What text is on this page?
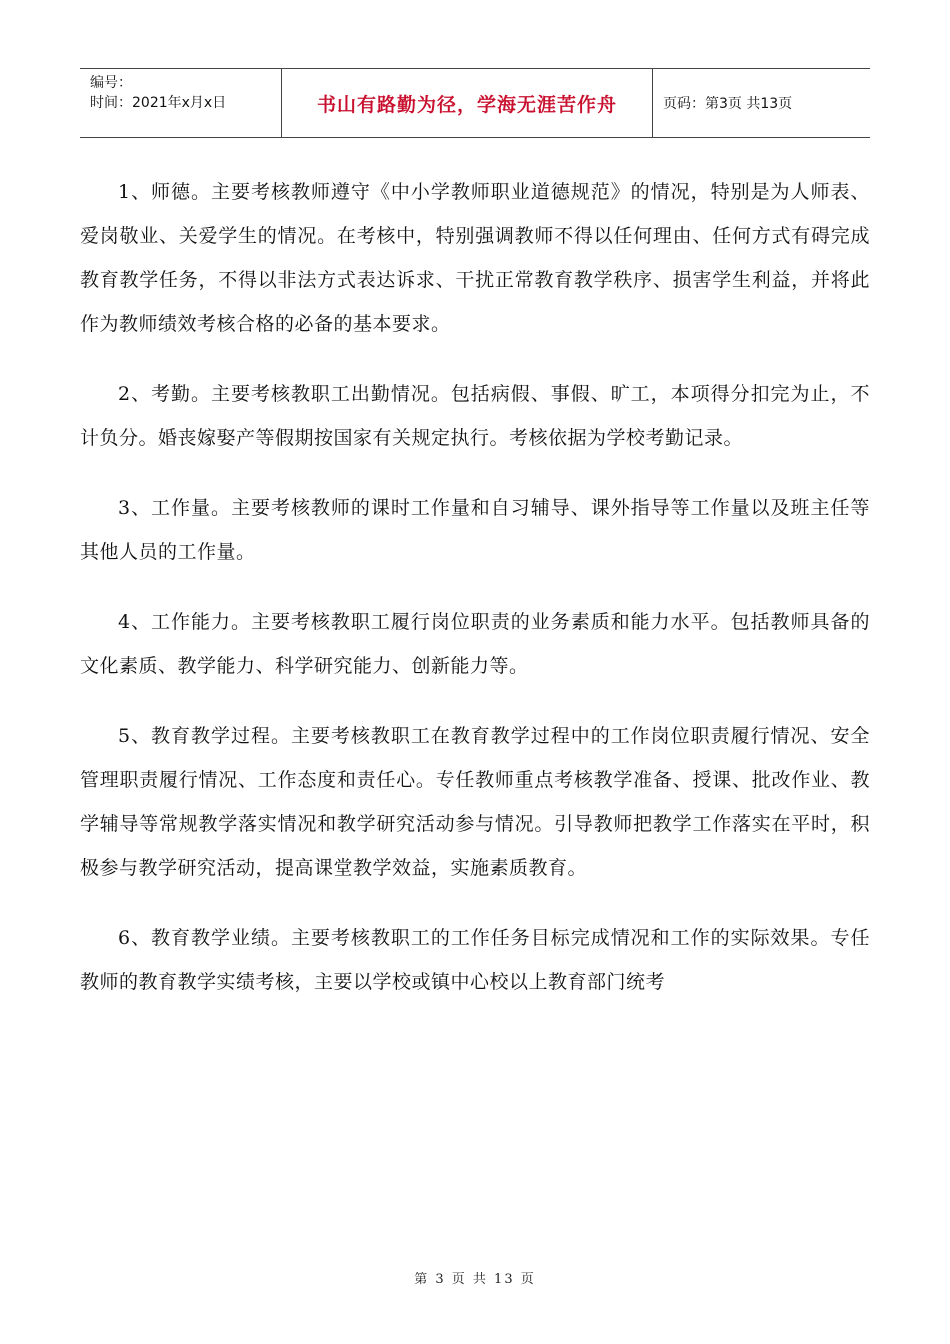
编号：
时间：2021年x月x日	书山有路勤为径，学海无涯苦作舟	页码：第3页 共13页

1、师德。主要考核教师遵守《中小学教师职业道德规范》的情况，特别是为人师表、爱岗敬业、关爱学生的情况。在考核中，特别强调教师不得以任何理由、任何方式有碍完成教育教学任务，不得以非法方式表达诉求、干扰正常教育教学秩序、损害学生利益，并将此作为教师绩效考核合格的必备的基本要求。

2、考勤。主要考核教职工出勤情况。包括病假、事假、旷工，本项得分扣完为止，不计负分。婚丧嫁娶产等假期按国家有关规定执行。考核依据为学校考勤记录。

3、工作量。主要考核教师的课时工作量和自习辅导、课外指导等工作量以及班主任等其他人员的工作量。

4、工作能力。主要考核教职工履行岗位职责的业务素质和能力水平。包括教师具备的文化素质、教学能力、科学研究能力、创新能力等。

5、教育教学过程。主要考核教职工在教育教学过程中的工作岗位职责履行情况、安全管理职责履行情况、工作态度和责任心。专任教师重点考核教学准备、授课、批改作业、教学辅导等常规教学落实情况和教学研究活动参与情况。引导教师把教学工作落实在平时，积极参与教学研究活动，提高课堂教学效益，实施素质教育。

6、教育教学业绩。主要考核教职工的工作任务目标完成情况和工作的实际效果。专任教师的教育教学实绩考核，主要以学校或镇中心校以上教育部门统考

第 3 页 共 13 页
